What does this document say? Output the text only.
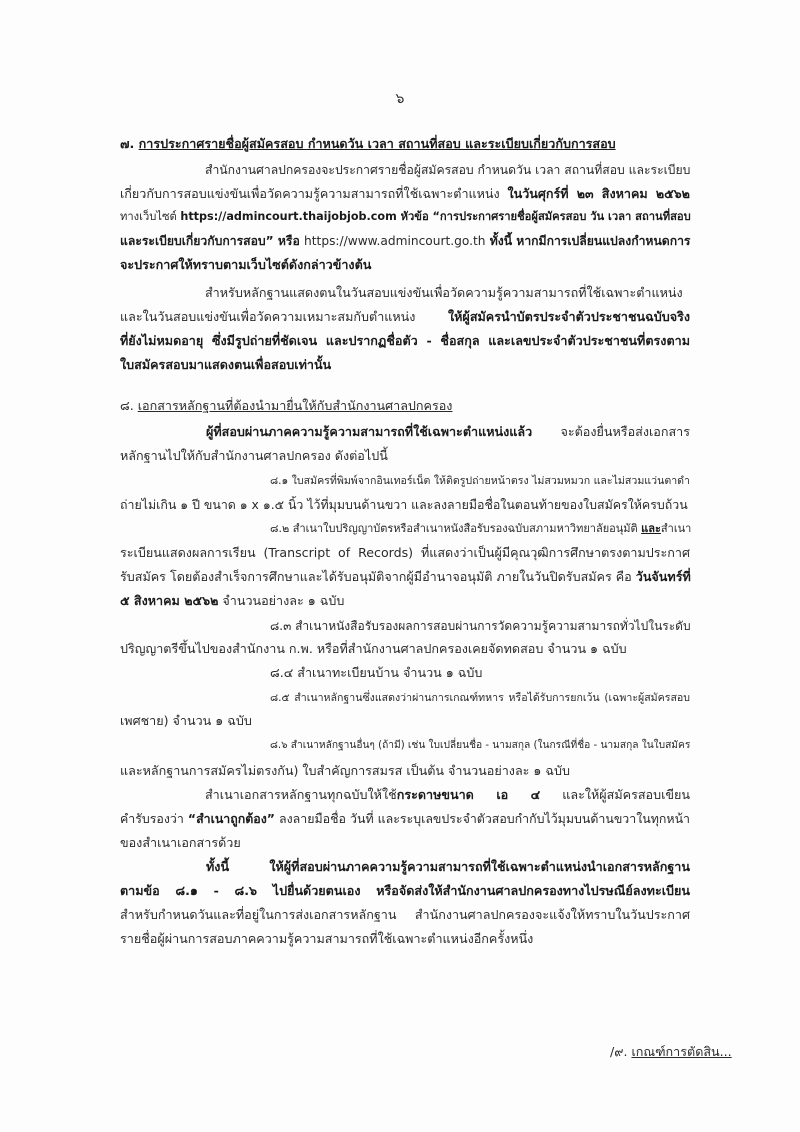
๖
๗. การประกาศรายชื่อผู้สมัครสอบ กำหนดวัน เวลา สถานที่สอบ และระเบียบเกี่ยวกับการสอบ
สำนักงานศาลปกครองจะประกาศรายชื่อผู้สมัครสอบ กำหนดวัน เวลา สถานที่สอบ และระเบียบ
เกี่ยวกับการสอบแข่งขันเพื่อวัดความรู้ความสามารถที่ใช้เฉพาะตำแหน่ง ในวันศุกร์ที่ ๒๓ สิงหาคม ๒๕๖๒
ทางเว็บไซต์ https://admincourt.thaijobjob.com หัวข้อ “การประกาศรายชื่อผู้สมัครสอบ วัน เวลา สถานที่สอบ
และระเบียบเกี่ยวกับการสอบ” หรือ https://www.admincourt.go.th ทั้งนี้ หากมีการเปลี่ยนแปลงกำหนดการ
จะประกาศให้ทราบตามเว็บไซต์ดังกล่าวข้างต้น
สำหรับหลักฐานแสดงตนในวันสอบแข่งขันเพื่อวัดความรู้ความสามารถที่ใช้เฉพาะตำแหน่ง
และในวันสอบแข่งขันเพื่อวัดความเหมาะสมกับตำแหน่ง ให้ผู้สมัครนำบัตรประจำตัวประชาชนฉบับจริง
ที่ยังไม่หมดอายุ ซึ่งมีรูปถ่ายที่ชัดเจน และปรากฏชื่อตัว - ชื่อสกุล และเลขประจำตัวประชาชนที่ตรงตาม
ใบสมัครสอบมาแสดงตนเพื่อสอบเท่านั้น
๘. เอกสารหลักฐานที่ต้องนำมายื่นให้กับสำนักงานศาลปกครอง
ผู้ที่สอบผ่านภาคความรู้ความสามารถที่ใช้เฉพาะตำแหน่งแล้ว จะต้องยื่นหรือส่งเอกสาร
หลักฐานไปให้กับสำนักงานศาลปกครอง ดังต่อไปนี้
๘.๑ ใบสมัครที่พิมพ์จากอินเทอร์เน็ต ให้ติดรูปถ่ายหน้าตรง ไม่สวมหมวก และไม่สวมแว่นตาดำ
ถ่ายไม่เกิน ๑ ปี ขนาด ๑ x ๑.๕ นิ้ว ไว้ที่มุมบนด้านขวา และลงลายมือชื่อในตอนท้ายของใบสมัครให้ครบถ้วน
๘.๒ สำเนาใบปริญญาบัตรหรือสำเนาหนังสือรับรองฉบับสภามหาวิทยาลัยอนุมัติ และสำเนา
ระเบียนแสดงผลการเรียน (Transcript of Records) ที่แสดงว่าเป็นผู้มีคุณวุฒิการศึกษาตรงตามประกาศ
รับสมัคร โดยต้องสำเร็จการศึกษาและได้รับอนุมัติจากผู้มีอำนาจอนุมัติ ภายในวันปิดรับสมัคร คือ วันจันทร์ที่
๕ สิงหาคม ๒๕๖๒ จำนวนอย่างละ ๑ ฉบับ
๘.๓ สำเนาหนังสือรับรองผลการสอบผ่านการวัดความรู้ความสามารถทั่วไปในระดับ
ปริญญาตรีขึ้นไปของสำนักงาน ก.พ. หรือที่สำนักงานศาลปกครองเคยจัดทดสอบ จำนวน ๑ ฉบับ
๘.๔ สำเนาทะเบียนบ้าน จำนวน ๑ ฉบับ
๘.๕ สำเนาหลักฐานซึ่งแสดงว่าผ่านการเกณฑ์ทหาร หรือได้รับการยกเว้น (เฉพาะผู้สมัครสอบ
เพศชาย) จำนวน ๑ ฉบับ
๘.๖ สำเนาหลักฐานอื่นๆ (ถ้ามี) เช่น ใบเปลี่ยนชื่อ - นามสกุล (ในกรณีที่ชื่อ - นามสกุล ในใบสมัคร
และหลักฐานการสมัครไม่ตรงกัน) ใบสำคัญการสมรส เป็นต้น จำนวนอย่างละ ๑ ฉบับ
สำเนาเอกสารหลักฐานทุกฉบับให้ใช้กระดาษขนาด เอ ๔ และให้ผู้สมัครสอบเขียน
คำรับรองว่า “สำเนาถูกต้อง” ลงลายมือชื่อ วันที่ และระบุเลขประจำตัวสอบกำกับไว้มุมบนด้านขวาในทุกหน้า
ของสำเนาเอกสารด้วย
ทั้งนี้ ให้ผู้ที่สอบผ่านภาคความรู้ความสามารถที่ใช้เฉพาะตำแหน่งนำเอกสารหลักฐาน
ตามข้อ ๘.๑ - ๘.๖ ไปยื่นด้วยตนเอง หรือจัดส่งให้สำนักงานศาลปกครองทางไปรษณีย์ลงทะเบียน
สำหรับกำหนดวันและที่อยู่ในการส่งเอกสารหลักฐาน สำนักงานศาลปกครองจะแจ้งให้ทราบในวันประกาศ
รายชื่อผู้ผ่านการสอบภาคความรู้ความสามารถที่ใช้เฉพาะตำแหน่งอีกครั้งหนึ่ง
/๙. เกณฑ์การตัดสิน...
